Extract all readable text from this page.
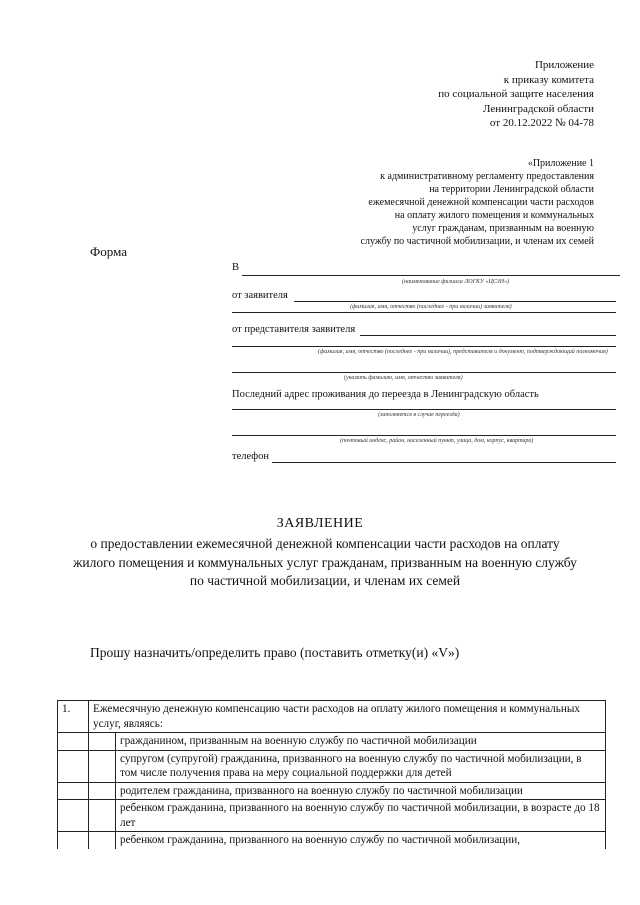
Приложение
к приказу комитета
по социальной защите населения
Ленинградской области
от 20.12.2022 № 04-78
«Приложение 1
к административному регламенту предоставления
на территории Ленинградской области
ежемесячной денежной компенсации части расходов
на оплату жилого помещения и коммунальных
услуг гражданам, призванным на военную
службу по частичной мобилизации, и членам их семей
Форма
В
(наименование филиала ЛОГКУ «ЦСЗН»)
от заявителя
(фамилия, имя, отчество (последнее - при наличии) заявителя)
от представителя заявителя
(фамилия, имя, отчество (последнее - при наличии), представителя и документ, подтверждающий полномочия)
(указать фамилию, имя, отчество заявителя)
Последний адрес проживания до переезда в Ленинградскую область
(заполняется в случае переезда)
(почтовый индекс, район, населенный пункт, улица, дом, корпус, квартира)
телефон
ЗАЯВЛЕНИЕ
о предоставлении ежемесячной денежной компенсации части расходов на оплату жилого помещения и коммунальных услуг гражданам, призванным на военную службу по частичной мобилизации, и членам их семей
Прошу назначить/определить право (поставить отметку(и) «V»)
1.	Ежемесячную денежную компенсацию части расходов на оплату жилого помещения и коммунальных услуг, являясь:	
		гражданином, призванным на военную службу по частичной мобилизации
		супругом (супругой) гражданина, призванного на военную службу по частичной мобилизации, в том числе получения права на меру социальной поддержки для детей
		родителем гражданина, призванного на военную службу по частичной мобилизации
		ребенком гражданина, призванного на военную службу по частичной мобилизации, в возрасте до 18 лет
		ребенком гражданина, призванного на военную службу по частичной мобилизации,
